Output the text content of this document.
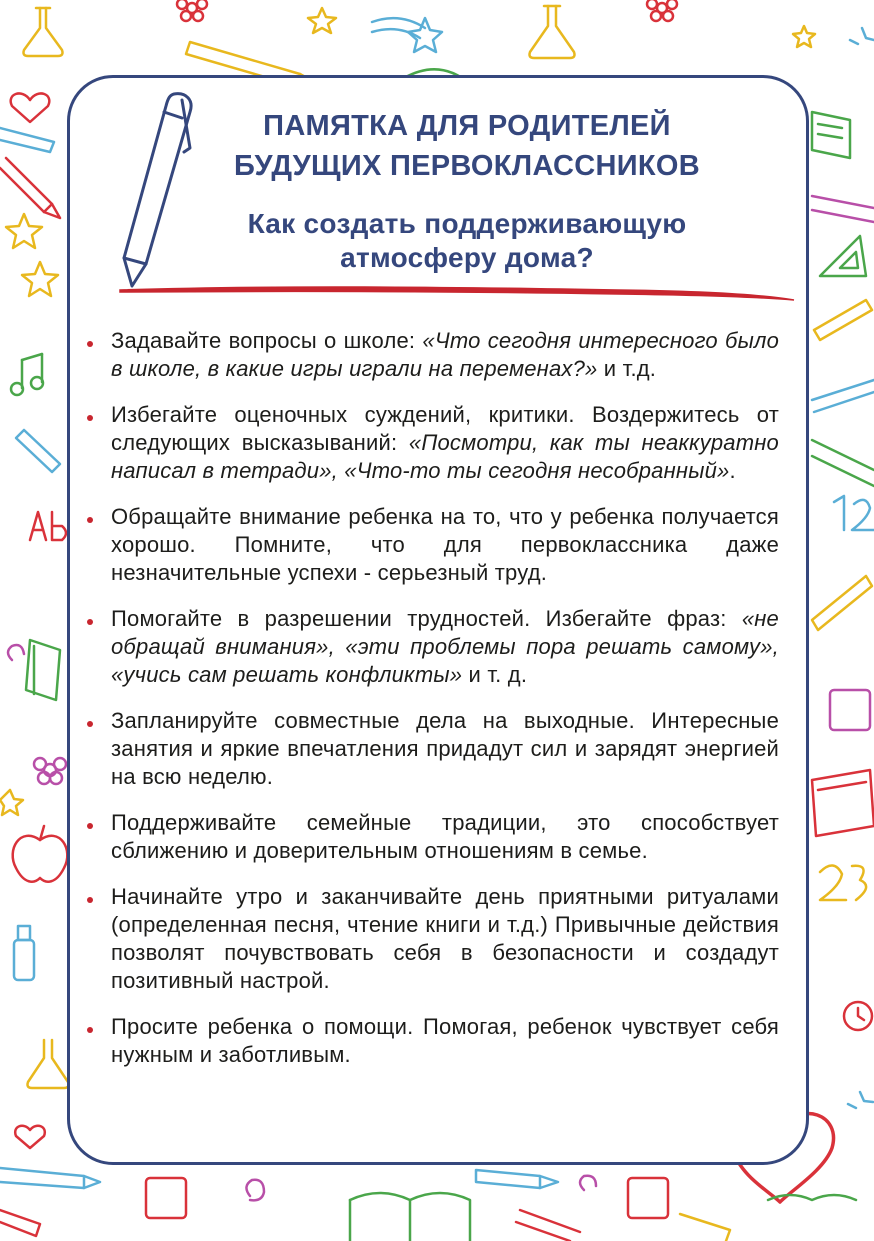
ПАМЯТКА ДЛЯ РОДИТЕЛЕЙ
БУДУЩИХ ПЕРВОКЛАССНИКОВ
Как создать поддерживающую
атмосферу дома?
Задавайте вопросы о школе: «Что сегодня интересного было в школе, в какие игры играли на переменах?» и т.д.
Избегайте оценочных суждений, критики. Воздержитесь от следующих высказываний: «Посмотри, как ты неаккуратно написал в тетради», «Что-то ты сегодня несобранный».
Обращайте внимание ребенка на то, что у ребенка получается хорошо. Помните, что для первоклассника даже незначительные успехи - серьезный труд.
Помогайте в разрешении трудностей. Избегайте фраз: «не обращай внимания», «эти проблемы пора решать самому», «учись сам решать конфликты» и т. д.
Запланируйте совместные дела на выходные. Интересные занятия и яркие впечатления придадут сил и зарядят энергией на всю неделю.
Поддерживайте семейные традиции, это способствует сближению и доверительным отношениям в семье.
Начинайте утро и заканчивайте день приятными ритуалами (определенная песня, чтение книги и т.д.) Привычные действия позволят почувствовать себя в безопасности и создадут позитивный настрой.
Просите ребенка о помощи. Помогая, ребенок чувствует себя нужным и заботливым.
